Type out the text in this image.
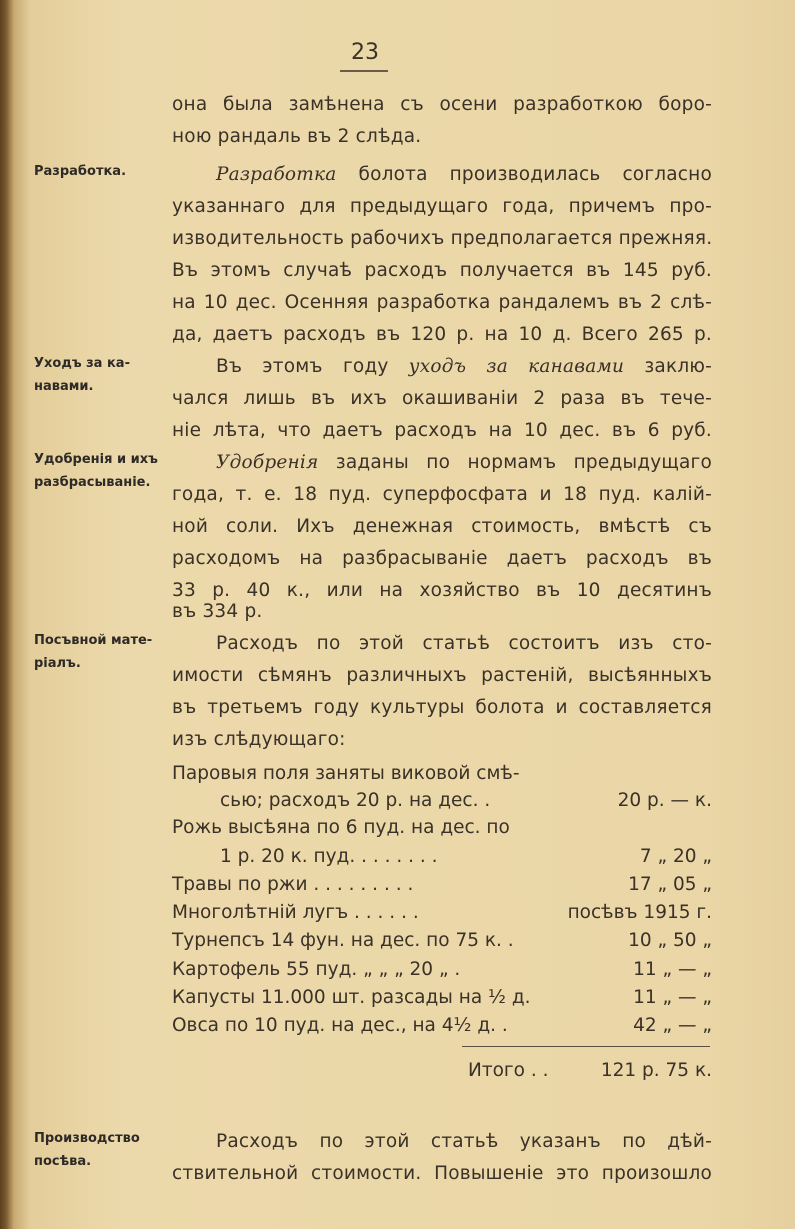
23
Разработка.
Уходъ за ка-
навами.
Удобренія и ихъ
разбрасываніе.
Посъвной мате-
ріалъ.
Производство
посѣва.
она была замѣнена съ осени разработкою боро-
ною рандаль въ 2 слѣда.
Разработка болота производилась согласно
указаннаго для предыдущаго года, причемъ про-
изводительность рабочихъ предполагается прежняя.
Въ этомъ случаѣ расходъ получается въ 145 руб.
на 10 дес. Осенняя разработка рандалемъ въ 2 слѣ-
да, даетъ расходъ въ 120 р. на 10 д. Всего 265 р.
Въ этомъ году уходъ за канавами заклю-
чался лишь въ ихъ окашиваніи 2 раза въ тече-
ніе лѣта, что даетъ расходъ на 10 дес. въ 6 руб.
Удобренія заданы по нормамъ предыдущаго
года, т. е. 18 пуд. суперфосфата и 18 пуд. калій-
ной соли. Ихъ денежная стоимость, вмѣстѣ съ
расходомъ на разбрасываніе даетъ расходъ въ
33 р. 40 к., или на хозяйство въ 10 десятинъ
въ 334 р.
Расходъ по этой статьѣ состоитъ изъ сто-
имости сѣмянъ различныхъ растеній, высѣянныхъ
въ третьемъ году культуры болота и составляется
изъ слѣдующаго:
Паровыя поля заняты виковой смѣ-
сью; расходъ 20 р. на дес. .	20 р. — к.
Рожь высѣяна по 6 пуд. на дес. по
1 р. 20 к. пуд. . . . . . . .	7 „ 20 „
Травы по ржи . . . . . . . . .	17 „ 05 „
Многолѣтній лугъ . . . . . .	посѣвъ 1915 г.
Турнепсъ 14 фун. на дес. по 75 к. .	10 „ 50 „
Картофель 55 пуд. „ „ „ 20 „ .	11 „ — „
Капусты 11.000 шт. разсады на ½ д.	11 „ — „
Овса по 10 пуд. на дес., на 4½ д. .	42 „ — „
Итого . .	121 р. 75 к.
Расходъ по этой статьѣ указанъ по дѣй-
ствительной стоимости. Повышеніе это произошло
